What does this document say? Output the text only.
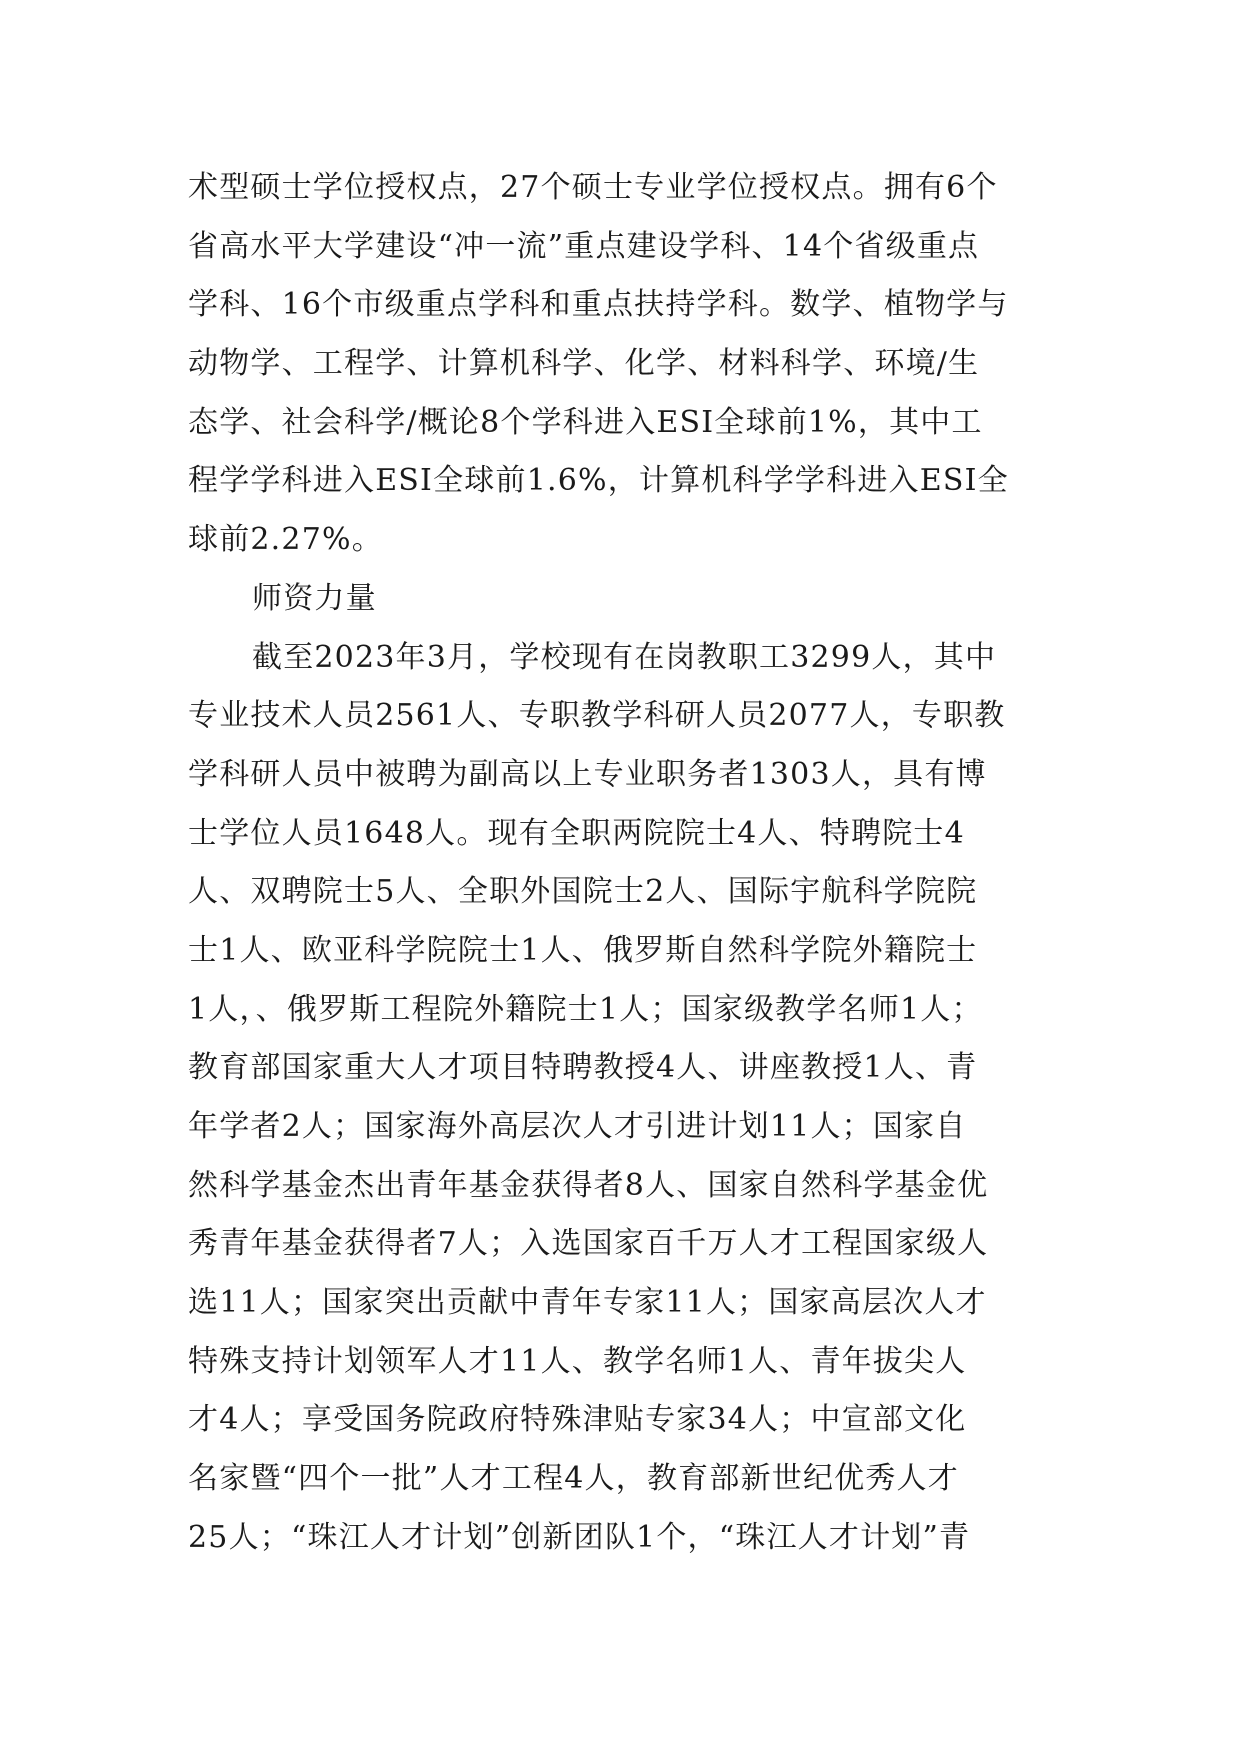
术型硕士学位授权点，27个硕士专业学位授权点。拥有6个
省高水平大学建设“冲一流”重点建设学科、14个省级重点
学科、16个市级重点学科和重点扶持学科。数学、植物学与
动物学、工程学、计算机科学、化学、材料科学、环境/生
态学、社会科学/概论8个学科进入ESI全球前1%，其中工
程学学科进入ESI全球前1.6%，计算机科学学科进入ESI全
球前2.27%。
师资力量
截至2023年3月，学校现有在岗教职工3299人，其中
专业技术人员2561人、专职教学科研人员2077人，专职教
学科研人员中被聘为副高以上专业职务者1303人，具有博
士学位人员1648人。现有全职两院院士4人、特聘院士4
人、双聘院士5人、全职外国院士2人、国际宇航科学院院
士1人、欧亚科学院院士1人、俄罗斯自然科学院外籍院士
1人，、俄罗斯工程院外籍院士1人；国家级教学名师1人；
教育部国家重大人才项目特聘教授4人、讲座教授1人、青
年学者2人；国家海外高层次人才引进计划11人；国家自
然科学基金杰出青年基金获得者8人、国家自然科学基金优
秀青年基金获得者7人；入选国家百千万人才工程国家级人
选11人；国家突出贡献中青年专家11人；国家高层次人才
特殊支持计划领军人才11人、教学名师1人、青年拔尖人
才4人；享受国务院政府特殊津贴专家34人；中宣部文化
名家暨“四个一批”人才工程4人，教育部新世纪优秀人才
25人；“珠江人才计划”创新团队1个，“珠江人才计划”青
